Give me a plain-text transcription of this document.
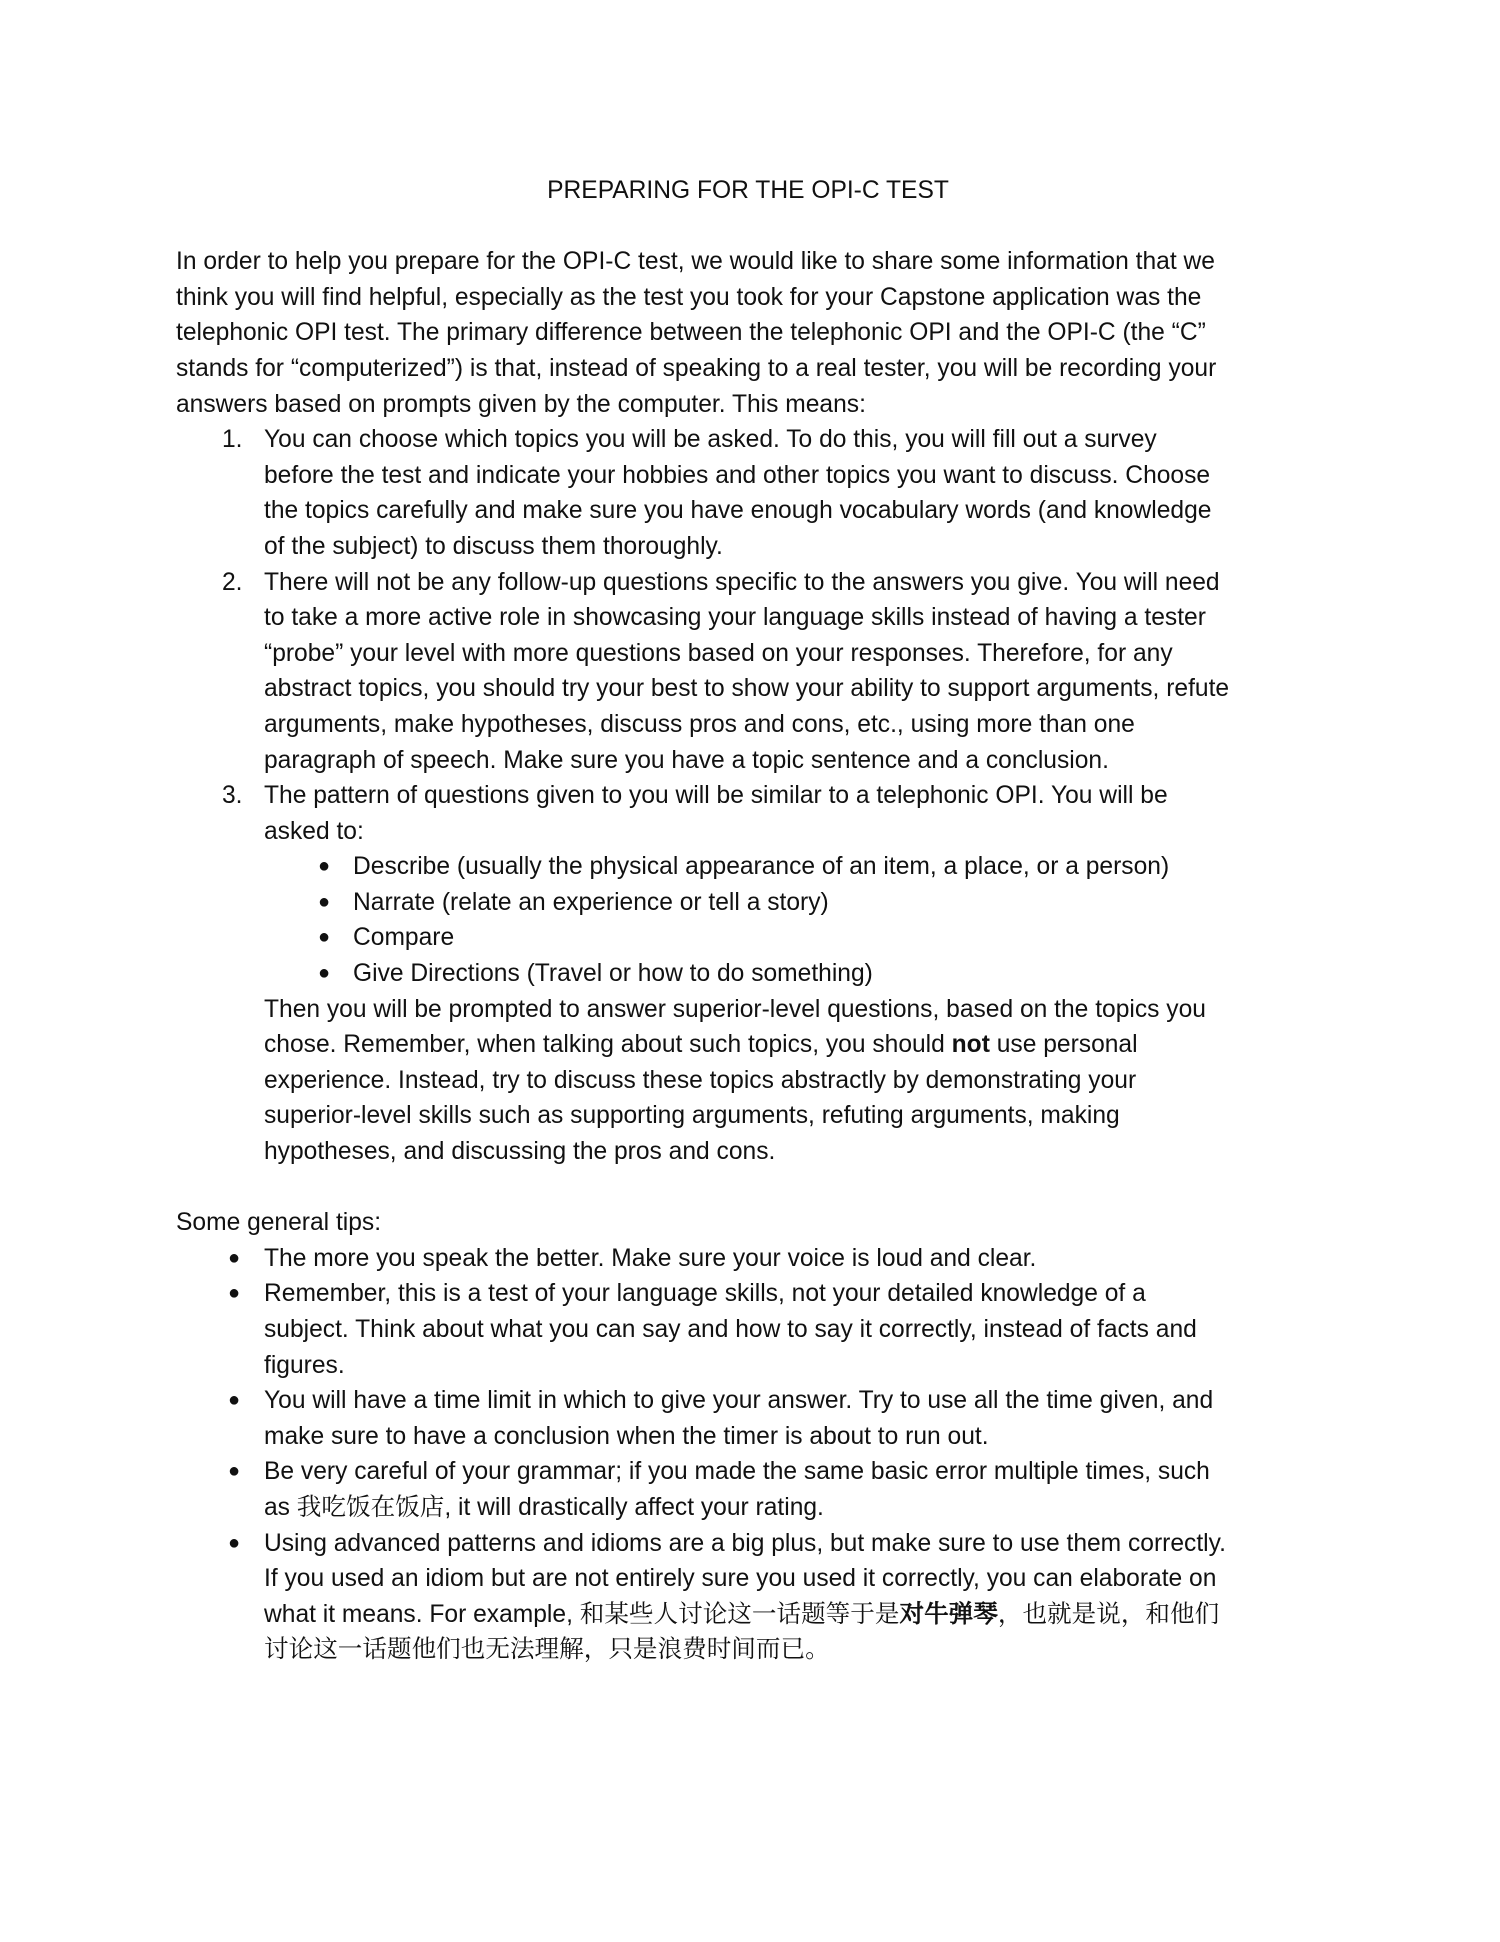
PREPARING FOR THE OPI-C TEST
In order to help you prepare for the OPI-C test, we would like to share some information that we
think you will find helpful, especially as the test you took for your Capstone application was the
telephonic OPI test. The primary difference between the telephonic OPI and the OPI-C (the “C”
stands for “computerized”) is that, instead of speaking to a real tester, you will be recording your
answers based on prompts given by the computer. This means:
1. You can choose which topics you will be asked. To do this, you will fill out a survey
before the test and indicate your hobbies and other topics you want to discuss. Choose
the topics carefully and make sure you have enough vocabulary words (and knowledge
of the subject) to discuss them thoroughly.
2. There will not be any follow-up questions specific to the answers you give. You will need
to take a more active role in showcasing your language skills instead of having a tester
“probe” your level with more questions based on your responses. Therefore, for any
abstract topics, you should try your best to show your ability to support arguments, refute
arguments, make hypotheses, discuss pros and cons, etc., using more than one
paragraph of speech. Make sure you have a topic sentence and a conclusion.
3. The pattern of questions given to you will be similar to a telephonic OPI. You will be
asked to:
● Describe (usually the physical appearance of an item, a place, or a person)
● Narrate (relate an experience or tell a story)
● Compare
● Give Directions (Travel or how to do something)
Then you will be prompted to answer superior-level questions, based on the topics you
chose. Remember, when talking about such topics, you should not use personal
experience. Instead, try to discuss these topics abstractly by demonstrating your
superior-level skills such as supporting arguments, refuting arguments, making
hypotheses, and discussing the pros and cons.
Some general tips:
● The more you speak the better. Make sure your voice is loud and clear.
● Remember, this is a test of your language skills, not your detailed knowledge of a
subject. Think about what you can say and how to say it correctly, instead of facts and
figures.
● You will have a time limit in which to give your answer. Try to use all the time given, and
make sure to have a conclusion when the timer is about to run out.
● Be very careful of your grammar; if you made the same basic error multiple times, such
as 我吃饭在饭店, it will drastically affect your rating.
● Using advanced patterns and idioms are a big plus, but make sure to use them correctly.
If you used an idiom but are not entirely sure you used it correctly, you can elaborate on
what it means. For example, 和某些人讨论这一话题等于是对牛弹琴，也就是说，和他们
讨论这一话题他们也无法理解，只是浪费时间而已。
